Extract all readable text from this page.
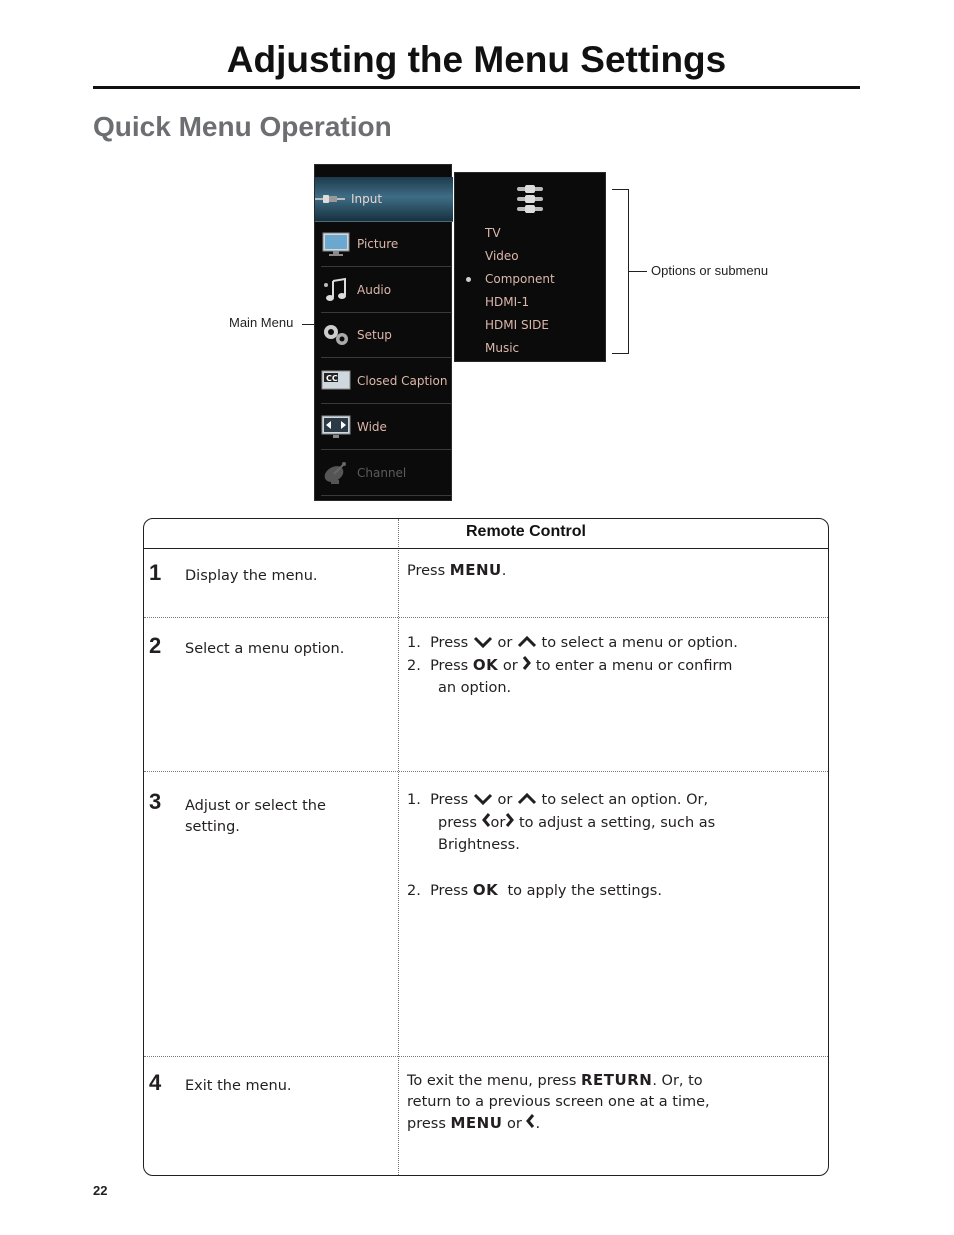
Adjusting the Menu Settings
Quick Menu Operation
Input
Picture
Audio
Setup
CC Closed Caption
Wide
Channel
TV
Video
Component
HDMI-1
HDMI SIDE
Music
Main Menu
Options or submenu
Remote Control
1 Display the menu.	Press MENU.
2 Select a menu option.	1. Press or to select a menu or option.
2. Press OK or to enter a menu or confirm
an option.
3 Adjust or select the setting.
1. Press or to select an option. Or,
press or to adjust a setting, such as
Brightness.
2. Press OK to apply the settings.
4 Exit the menu.	To exit the menu, press RETURN. Or, to
return to a previous screen one at a time,
press MENU or .
22
